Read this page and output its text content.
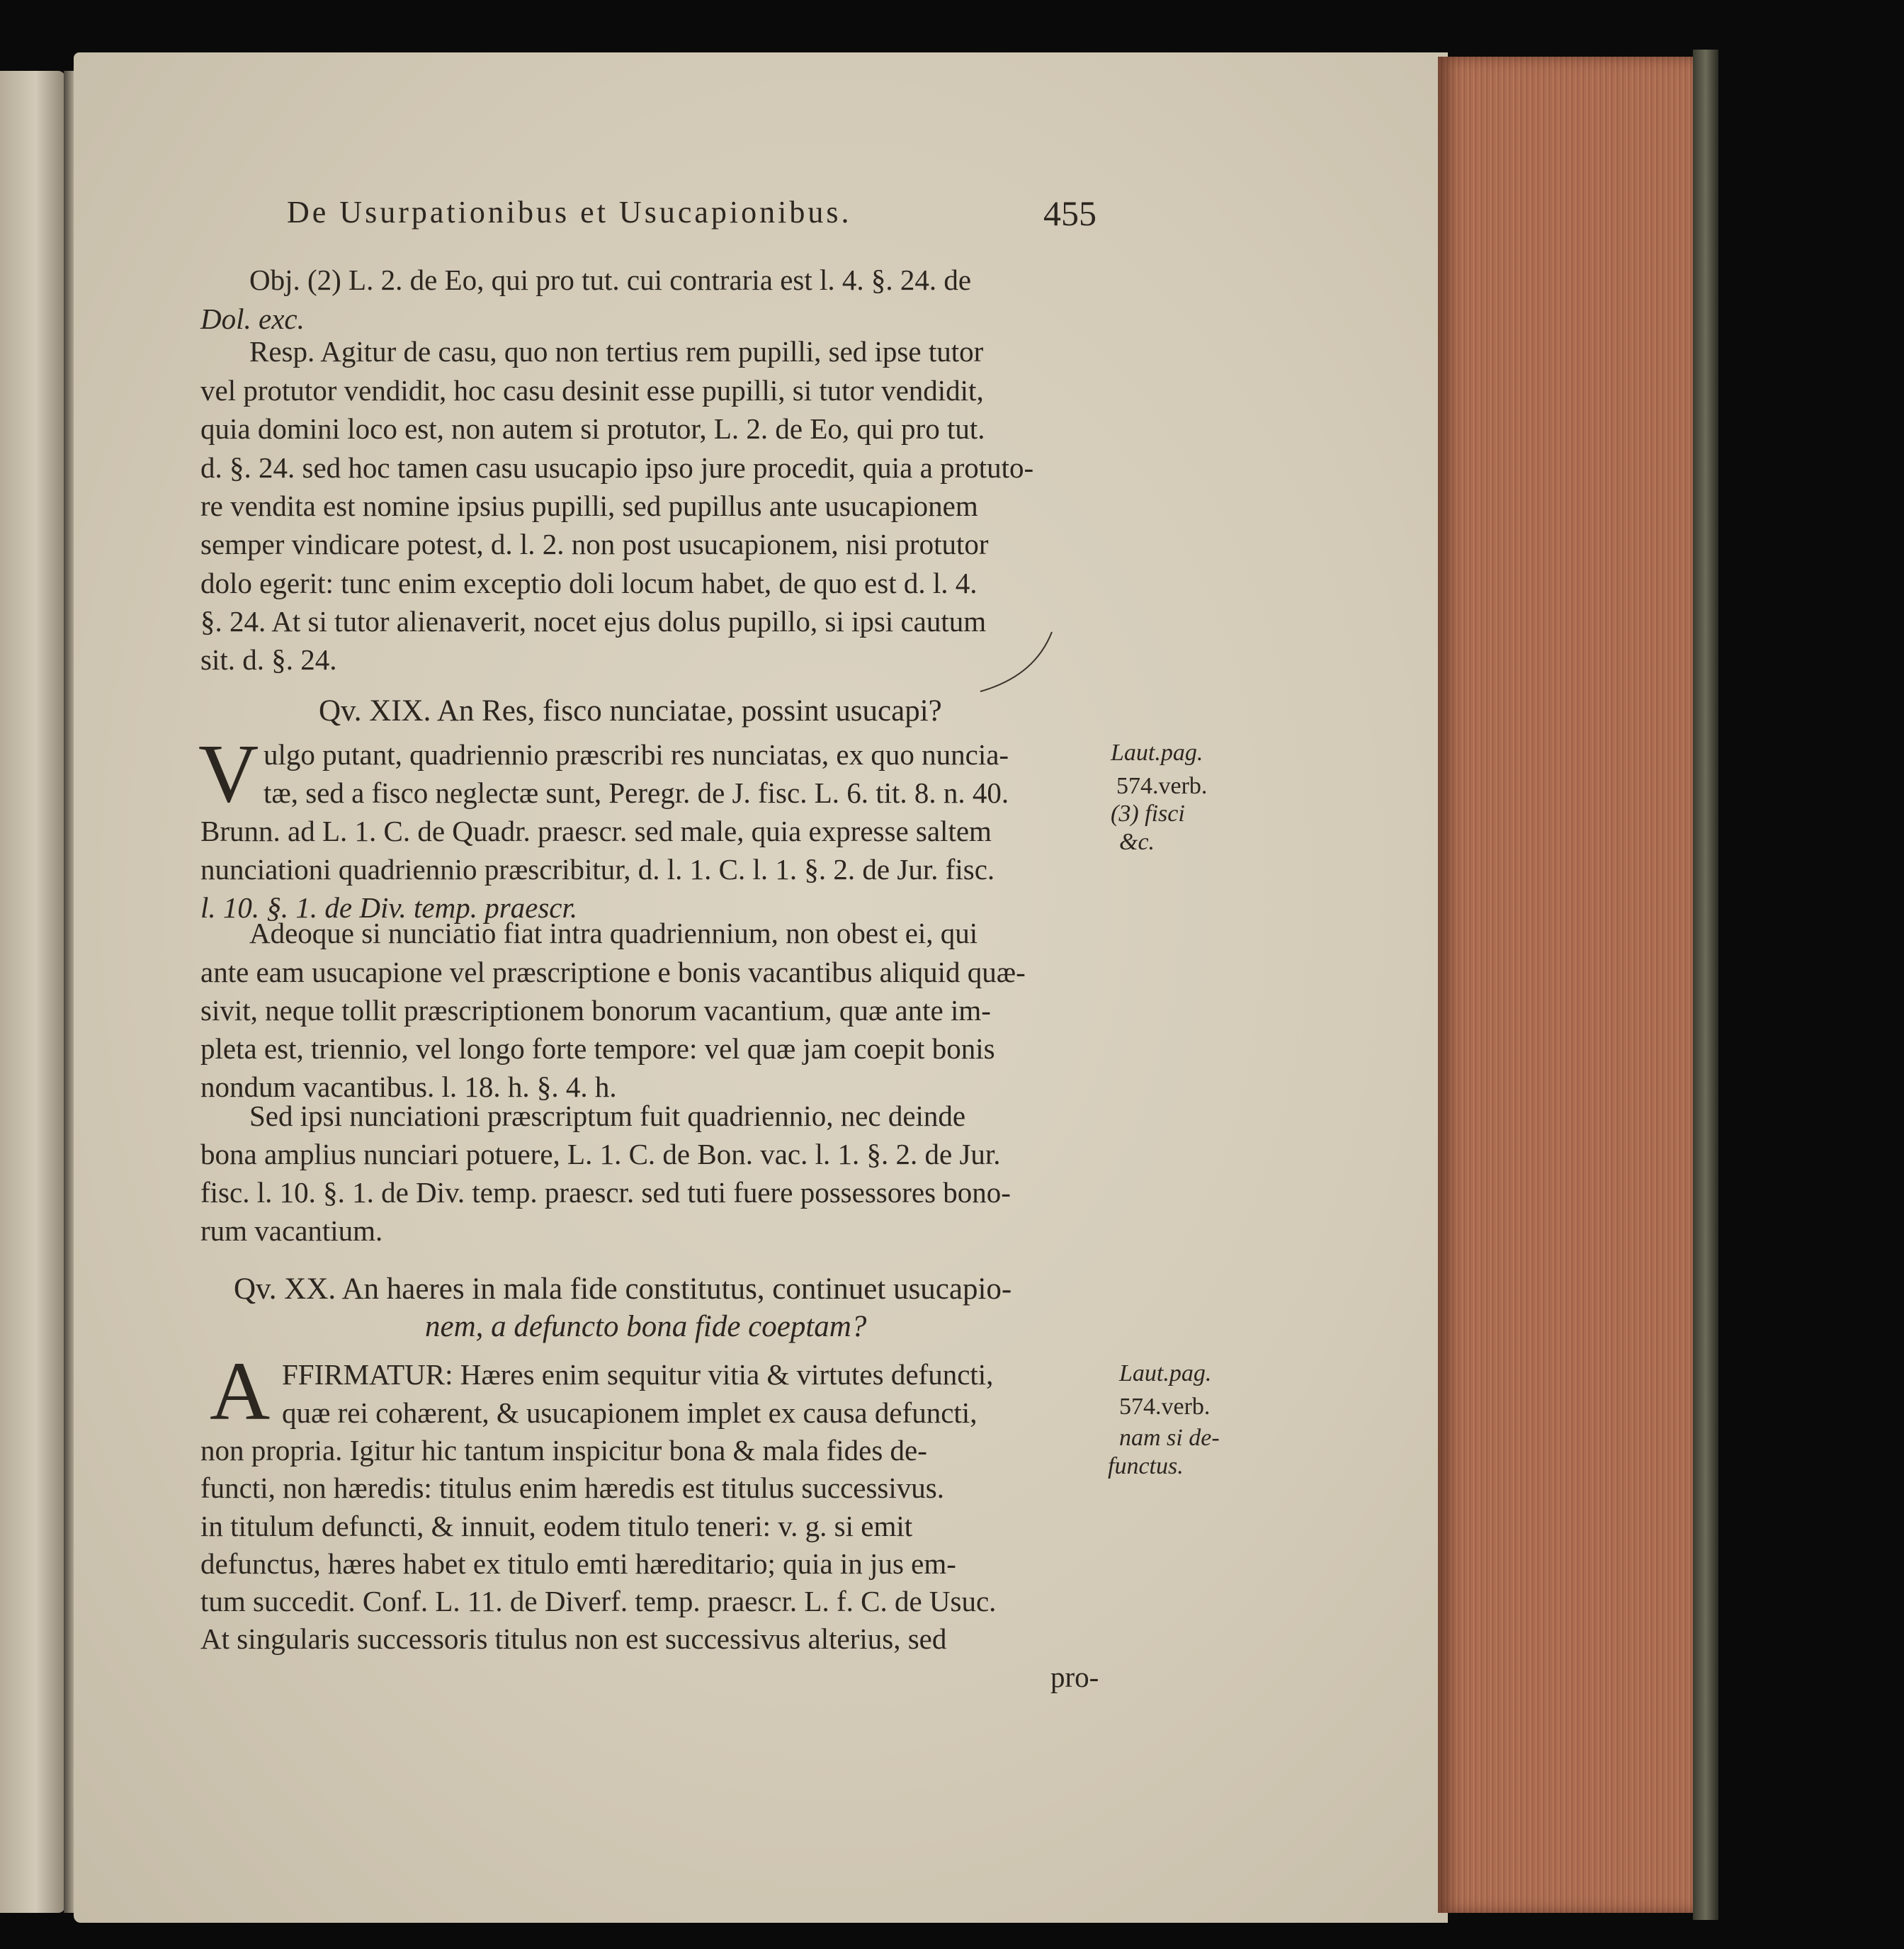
De Usurpationibus et Usucapionibus.	455
Obj. (2) L. 2. de Eo, qui pro tut. cui contraria est l. 4. §. 24. de
Dol. exc.
Resp. Agitur de casu, quo non tertius rem pupilli, sed ipse tutor
vel protutor vendidit, hoc casu desinit esse pupilli, si tutor vendidit,
quia domini loco est, non autem si protutor, L. 2. de Eo, qui pro tut.
d. §. 24. sed hoc tamen casu usucapio ipso jure procedit, quia a protuto-
re vendita est nomine ipsius pupilli, sed pupillus ante usucapionem
semper vindicare potest, d. l. 2. non post usucapionem, nisi protutor
dolo egerit: tunc enim exceptio doli locum habet, de quo est d. l. 4.
§. 24. At si tutor alienaverit, nocet ejus dolus pupillo, si ipsi cautum
sit. d. §. 24.
Qv. XIX. An Res, fisco nunciatae, possint usucapi?
V ulgo putant, quadriennio præscribi res nunciatas, ex quo nuncia-
tæ, sed a fisco neglectæ sunt, Peregr. de J. fisc. L. 6. tit. 8. n. 40.
Brunn. ad L. 1. C. de Quadr. praescr. sed male, quia expresse saltem
nunciationi quadriennio præscribitur, d. l. 1. C. l. 1. §. 2. de Jur. fisc.
l. 10. §. 1. de Div. temp. praescr.
Adeoque si nunciatio fiat intra quadriennium, non obest ei, qui
ante eam usucapione vel præscriptione e bonis vacantibus aliquid quæ-
sivit, neque tollit præscriptionem bonorum vacantium, quæ ante im-
pleta est, triennio, vel longo forte tempore: vel quæ jam coepit bonis
nondum vacantibus. l. 18. h. §. 4. h.
Sed ipsi nunciationi præscriptum fuit quadriennio, nec deinde
bona amplius nunciari potuere, L. 1. C. de Bon. vac. l. 1. §. 2. de Jur.
fisc. l. 10. §. 1. de Div. temp. praescr. sed tuti fuere possessores bono-
rum vacantium.
Qv. XX. An haeres in mala fide constitutus, continuet usucapio-
nem, a defuncto bona fide coeptam?
A FFIRMATUR: Hæres enim sequitur vitia & virtutes defuncti,
quæ rei cohærent, & usucapionem implet ex causa defuncti,
non propria. Igitur hic tantum inspicitur bona & mala fides de-
functi, non hæredis: titulus enim hæredis est titulus successivus.
in titulum defuncti, & innuit, eodem titulo teneri: v. g. si emit
defunctus, hæres habet ex titulo emti hæreditario; quia in jus em-
tum succedit. Conf. L. 11. de Diverf. temp. praescr. L. f. C. de Usuc.
At singularis successoris titulus non est successivus alterius, sed
pro-
Laut.pag.
574.verb.
(3) fisci
&c.
Laut.pag.
574.verb.
nam si de-
functus.
